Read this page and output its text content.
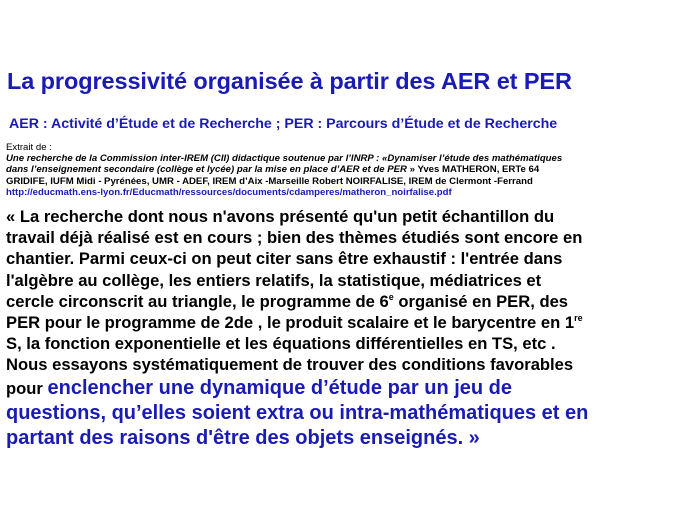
La progressivité organisée à partir des AER et PER
AER : Activité d’Étude et de Recherche ; PER : Parcours d’Étude et de Recherche
Extrait de :
Une recherche de la Commission inter-IREM (CII) didactique soutenue par l’INRP : «Dynamiser l’étude des mathématiques
dans l’enseignement secondaire (collège et lycée) par la mise en place d’AER et de PER » Yves MATHERON, ERTe 64
GRIDIFE, IUFM Midi - Pyrénées, UMR - ADEF, IREM d’Aix -Marseille Robert NOIRFALISE, IREM de Clermont -Ferrand
http://educmath.ens-lyon.fr/Educmath/ressources/documents/cdamperes/matheron_noirfalise.pdf
« La recherche dont nous n'avons présenté qu'un petit échantillon du
travail déjà réalisé est en cours ; bien des thèmes étudiés sont encore en
chantier. Parmi ceux-ci on peut citer sans être exhaustif : l'entrée dans
l'algèbre au collège, les entiers relatifs, la statistique, médiatrices et
cercle circonscrit au triangle, le programme de 6e organisé en PER, des
PER pour le programme de 2de , le produit scalaire et le barycentre en 1re
S, la fonction exponentielle et les équations différentielles en TS, etc .
Nous essayons systématiquement de trouver des conditions favorables
pour enclencher une dynamique d’étude par un jeu de
questions, qu’elles soient extra ou intra-mathématiques et en
partant des raisons d'être des objets enseignés. »
